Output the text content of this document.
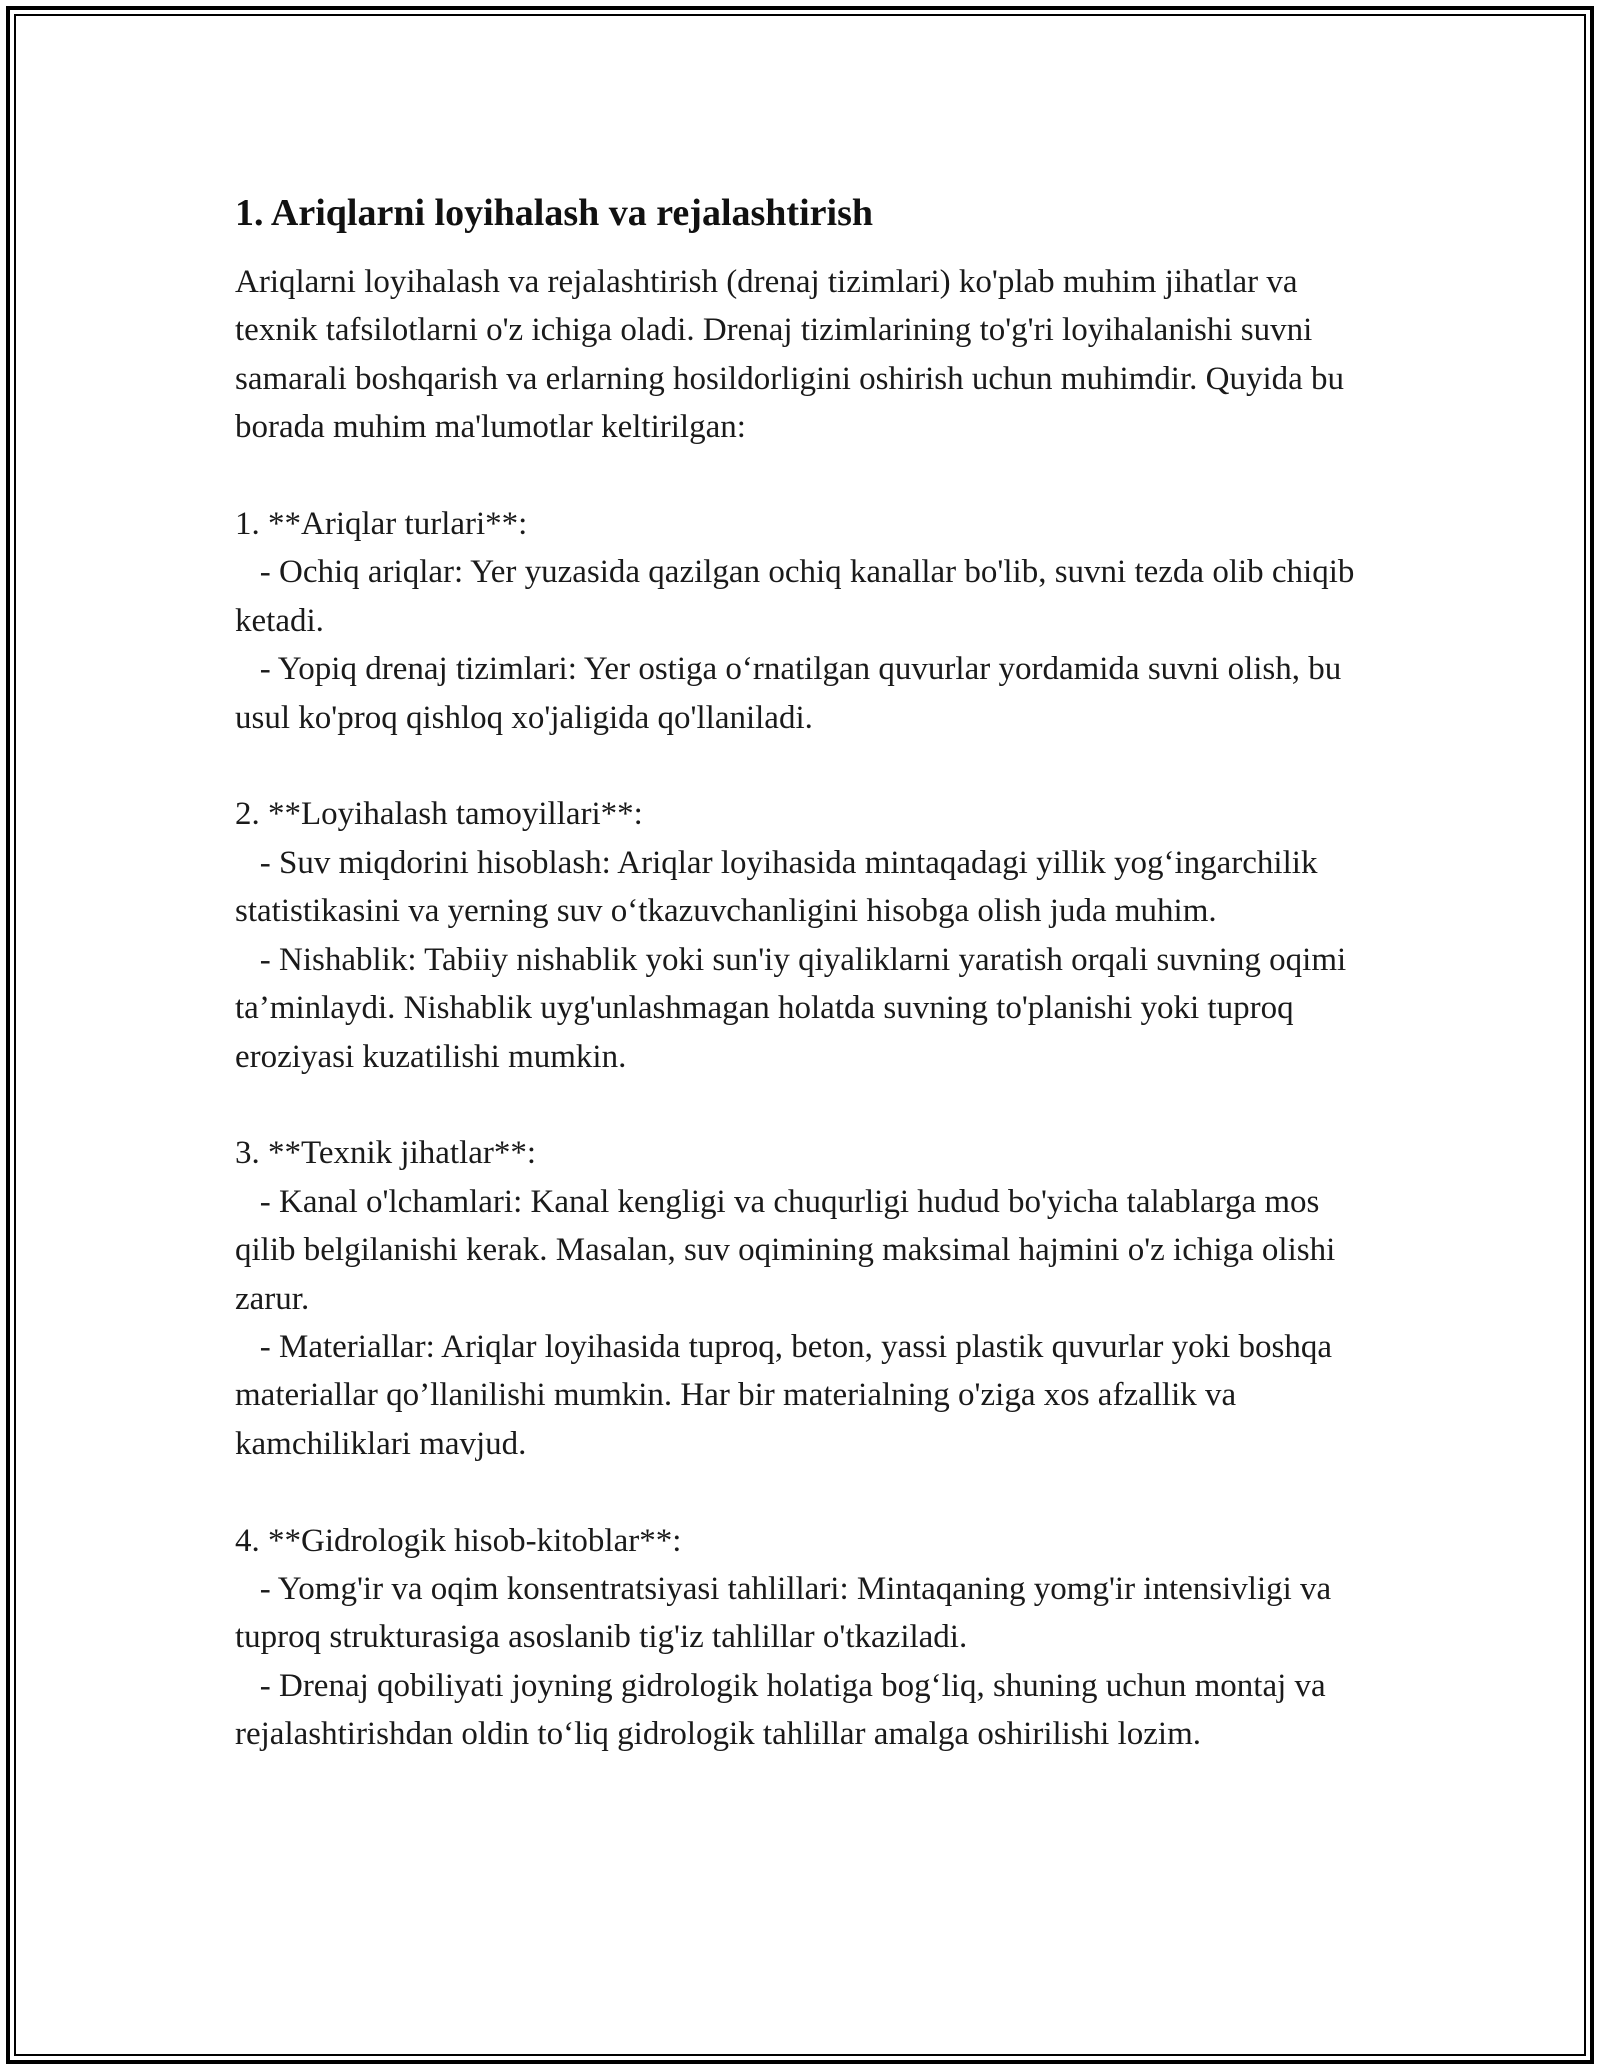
1. Ariqlarni loyihalash va rejalashtirish
Ariqlarni loyihalash va rejalashtirish (drenaj tizimlari) ko'plab muhim jihatlar va texnik tafsilotlarni o'z ichiga oladi. Drenaj tizimlarining to'g'ri loyihalanishi suvni samarali boshqarish va erlarning hosildorligini oshirish uchun muhimdir. Quyida bu borada muhim ma'lumotlar keltirilgan:

1. **Ariqlar turlari**:
- Ochiq ariqlar: Yer yuzasida qazilgan ochiq kanallar bo'lib, suvni tezda olib chiqib ketadi.
- Yopiq drenaj tizimlari: Yer ostiga o‘rnatilgan quvurlar yordamida suvni olish, bu usul ko'proq qishloq xo'jaligida qo'llaniladi.

2. **Loyihalash tamoyillari**:
- Suv miqdorini hisoblash: Ariqlar loyihasida mintaqadagi yillik yog‘ingarchilik statistikasini va yerning suv o‘tkazuvchanligini hisobga olish juda muhim.
- Nishablik: Tabiiy nishablik yoki sun'iy qiyaliklarni yaratish orqali suvning oqimi ta’minlaydi. Nishablik uyg'unlashmagan holatda suvning to'planishi yoki tuproq eroziyasi kuzatilishi mumkin.

3. **Texnik jihatlar**:
- Kanal o'lchamlari: Kanal kengligi va chuqurligi hudud bo'yicha talablarga mos qilib belgilanishi kerak. Masalan, suv oqimining maksimal hajmini o'z ichiga olishi zarur.
- Materiallar: Ariqlar loyihasida tuproq, beton, yassi plastik quvurlar yoki boshqa materiallar qo’llanilishi mumkin. Har bir materialning o'ziga xos afzallik va kamchiliklari mavjud.

4. **Gidrologik hisob-kitoblar**:
- Yomg'ir va oqim konsentratsiyasi tahlillari: Mintaqaning yomg'ir intensivligi va tuproq strukturasiga asoslanib tig'iz tahlillar o'tkaziladi.
- Drenaj qobiliyati joyning gidrologik holatiga bog‘liq, shuning uchun montaj va rejalashtirishdan oldin to‘liq gidrologik tahlillar amalga oshirilishi lozim.
